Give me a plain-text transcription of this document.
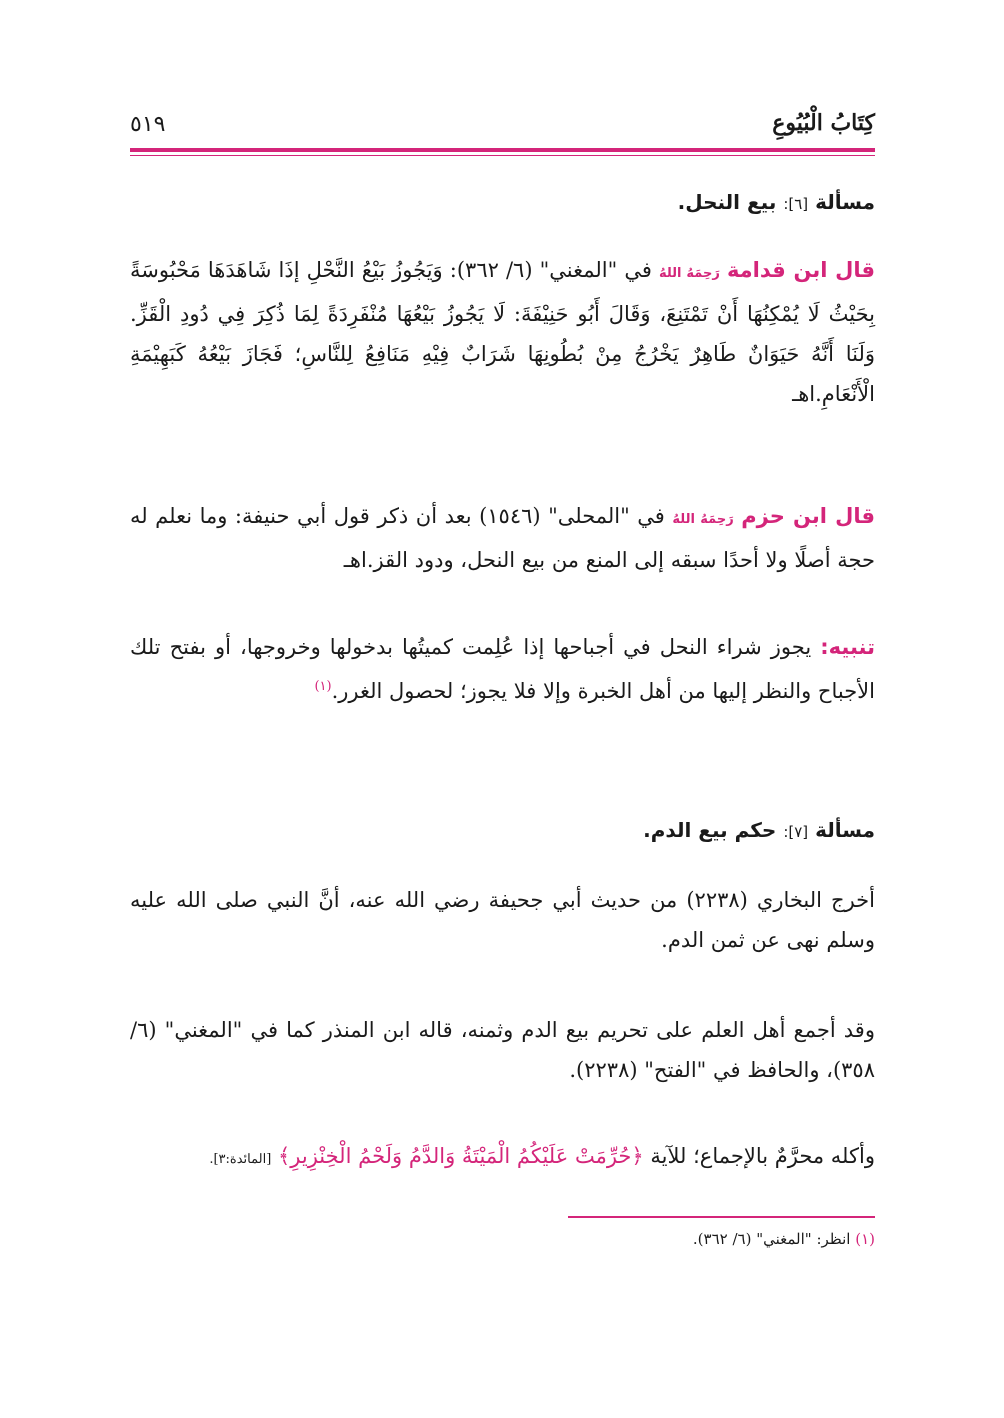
كِتَابُ الْبُيُوعِ
٥١٩
مسألة [٦]: بيع النحل.
قال ابن قدامة رَحِمَهُ اللهُ في "المغني" (٦/ ٣٦٢): وَيَجُوزُ بَيْعُ النَّحْلِ إذَا شَاهَدَهَا مَحْبُوسَةً بِحَيْثُ لَا يُمْكِنُهَا أَنْ تَمْتَنِعَ، وَقَالَ أَبُو حَنِيْفَةَ: لَا يَجُوزُ بَيْعُهَا مُنْفَرِدَةً لِمَا ذُكِرَ فِي دُودِ الْقَزِّ. وَلَنَا أَنَّهُ حَيَوَانٌ طَاهِرٌ يَخْرُجُ مِنْ بُطُونِهَا شَرَابٌ فِيْهِ مَنَافِعُ لِلنَّاسِ؛ فَجَازَ بَيْعُهُ كَبَهِيْمَةِ الْأَنْعَامِ.اهـ
قال ابن حزم رَحِمَهُ اللهُ في "المحلى" (١٥٤٦) بعد أن ذكر قول أبي حنيفة: وما نعلم له حجة أصلًا ولا أحدًا سبقه إلى المنع من بيع النحل، ودود القز.اهـ
تنبيه: يجوز شراء النحل في أجباحها إذا عُلِمت كميتُها بدخولها وخروجها، أو بفتح تلك الأجباح والنظر إليها من أهل الخبرة وإلا فلا يجوز؛ لحصول الغرر.$^{(١)}$
مسألة [٧]: حكم بيع الدم.
أخرج البخاري (٢٢٣٨) من حديث أبي جحيفة رضي الله عنه، أنَّ النبي صلى الله عليه وسلم نهى عن ثمن الدم.
وقد أجمع أهل العلم على تحريم بيع الدم وثمنه، قاله ابن المنذر كما في "المغني" (٦/ ٣٥٨)، والحافظ في "الفتح" (٢٢٣٨).
وأكله محرَّمٌ بالإجماع؛ للآية ﴿حُرِّمَتْ عَلَيْكُمُ الْمَيْتَةُ وَالدَّمُ وَلَحْمُ الْخِنْزِيرِ﴾ [المائدة:٣].
(١) انظر: "المغني" (٦/ ٣٦٢).
